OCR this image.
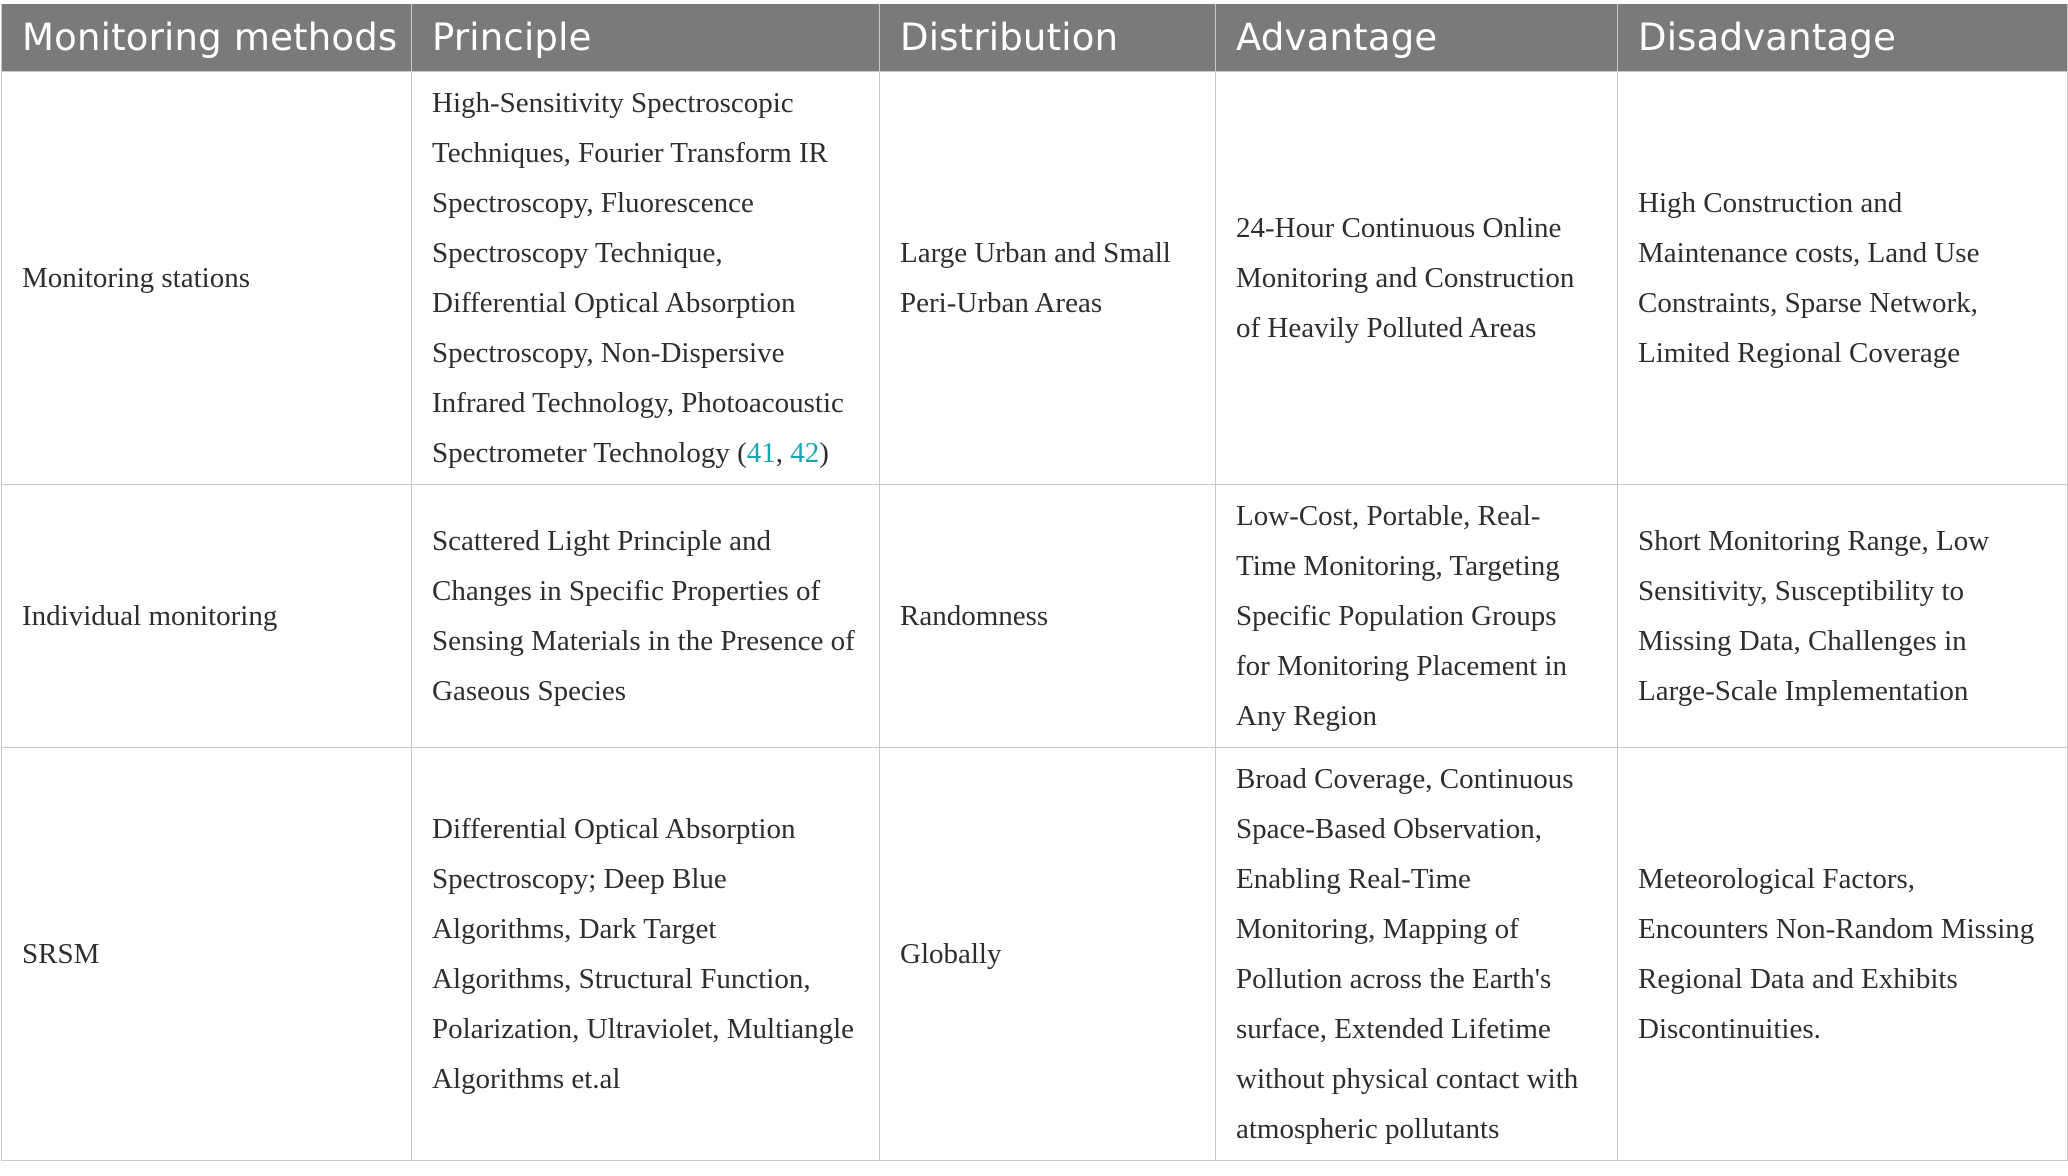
Monitoring methods	Principle	Distribution	Advantage	Disadvantage
Monitoring stations	High-Sensitivity Spectroscopic Techniques, Fourier Transform IR Spectroscopy, Fluorescence Spectroscopy Technique, Differential Optical Absorption Spectroscopy, Non-Dispersive Infrared Technology, Photoacoustic Spectrometer Technology (41, 42)	Large Urban and Small Peri-Urban Areas	24-Hour Continuous Online Monitoring and Construction of Heavily Polluted Areas	High Construction and Maintenance costs, Land Use Constraints, Sparse Network, Limited Regional Coverage
Individual monitoring	Scattered Light Principle and Changes in Specific Properties of Sensing Materials in the Presence of Gaseous Species	Randomness	Low-Cost, Portable, Real-Time Monitoring, Targeting Specific Population Groups for Monitoring Placement in Any Region	Short Monitoring Range, Low Sensitivity, Susceptibility to Missing Data, Challenges in Large-Scale Implementation
SRSM	Differential Optical Absorption Spectroscopy; Deep Blue Algorithms, Dark Target Algorithms, Structural Function, Polarization, Ultraviolet, Multiangle Algorithms et.al	Globally	Broad Coverage, Continuous Space-Based Observation, Enabling Real-Time Monitoring, Mapping of Pollution across the Earth's surface, Extended Lifetime without physical contact with atmospheric pollutants	Meteorological Factors, Encounters Non-Random Missing Regional Data and Exhibits Discontinuities.
